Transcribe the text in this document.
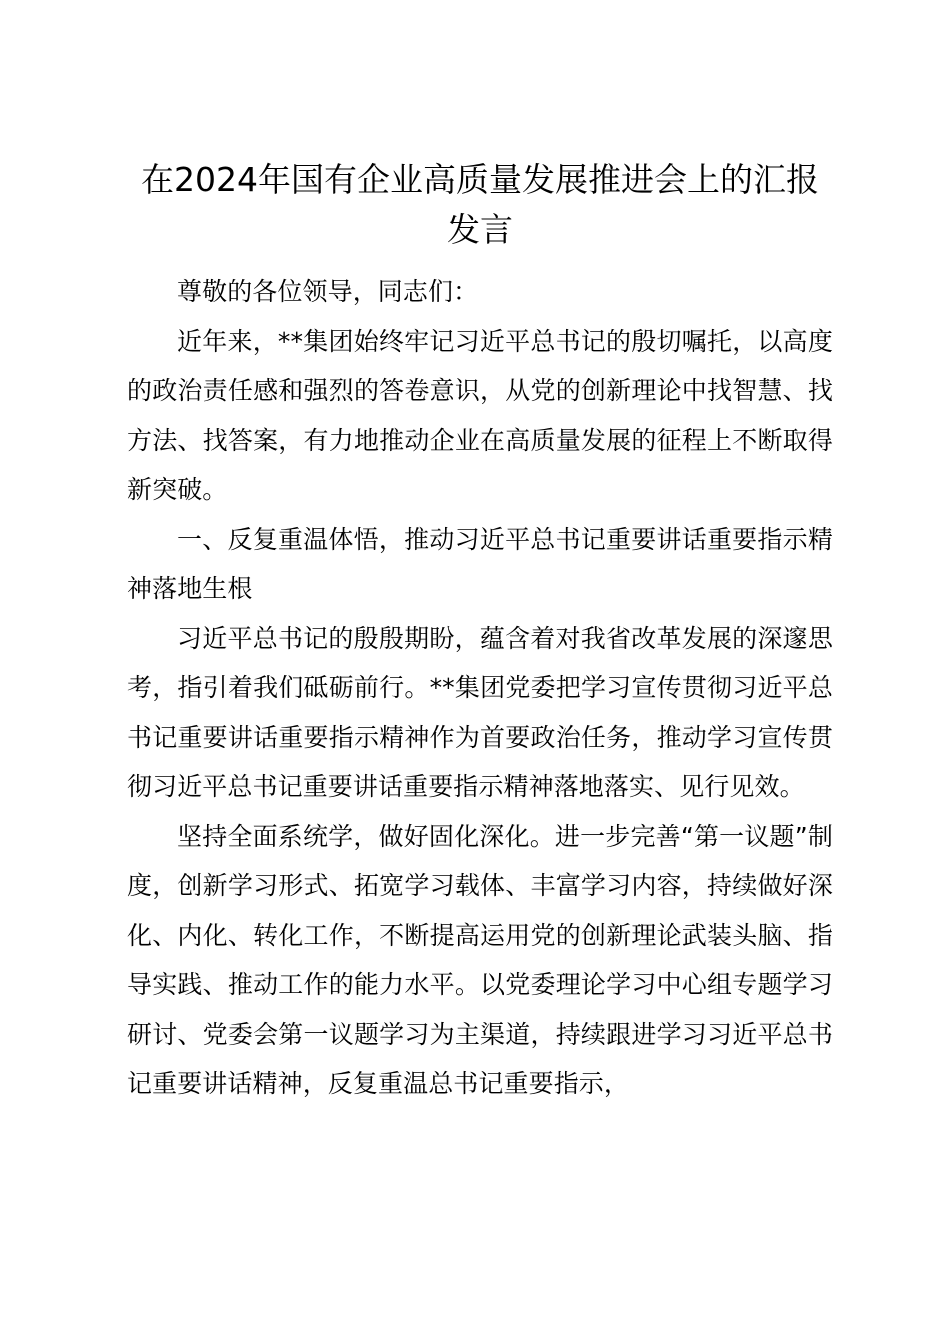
在2024年国有企业高质量发展推进会上的汇报发言

尊敬的各位领导，同志们：

近年来，**集团始终牢记习近平总书记的殷切嘱托，以高度的政治责任感和强烈的答卷意识，从党的创新理论中找智慧、找方法、找答案，有力地推动企业在高质量发展的征程上不断取得新突破。

一、反复重温体悟，推动习近平总书记重要讲话重要指示精神落地生根

习近平总书记的殷殷期盼，蕴含着对我省改革发展的深邃思考，指引着我们砥砺前行。**集团党委把学习宣传贯彻习近平总书记重要讲话重要指示精神作为首要政治任务，推动学习宣传贯彻习近平总书记重要讲话重要指示精神落地落实、见行见效。

坚持全面系统学，做好固化深化。进一步完善“第一议题”制度，创新学习形式、拓宽学习载体、丰富学习内容，持续做好深化、内化、转化工作，不断提高运用党的创新理论武装头脑、指导实践、推动工作的能力水平。以党委理论学习中心组专题学习研讨、党委会第一议题学习为主渠道，持续跟进学习习近平总书记重要讲话精神，反复重温总书记重要指示，
